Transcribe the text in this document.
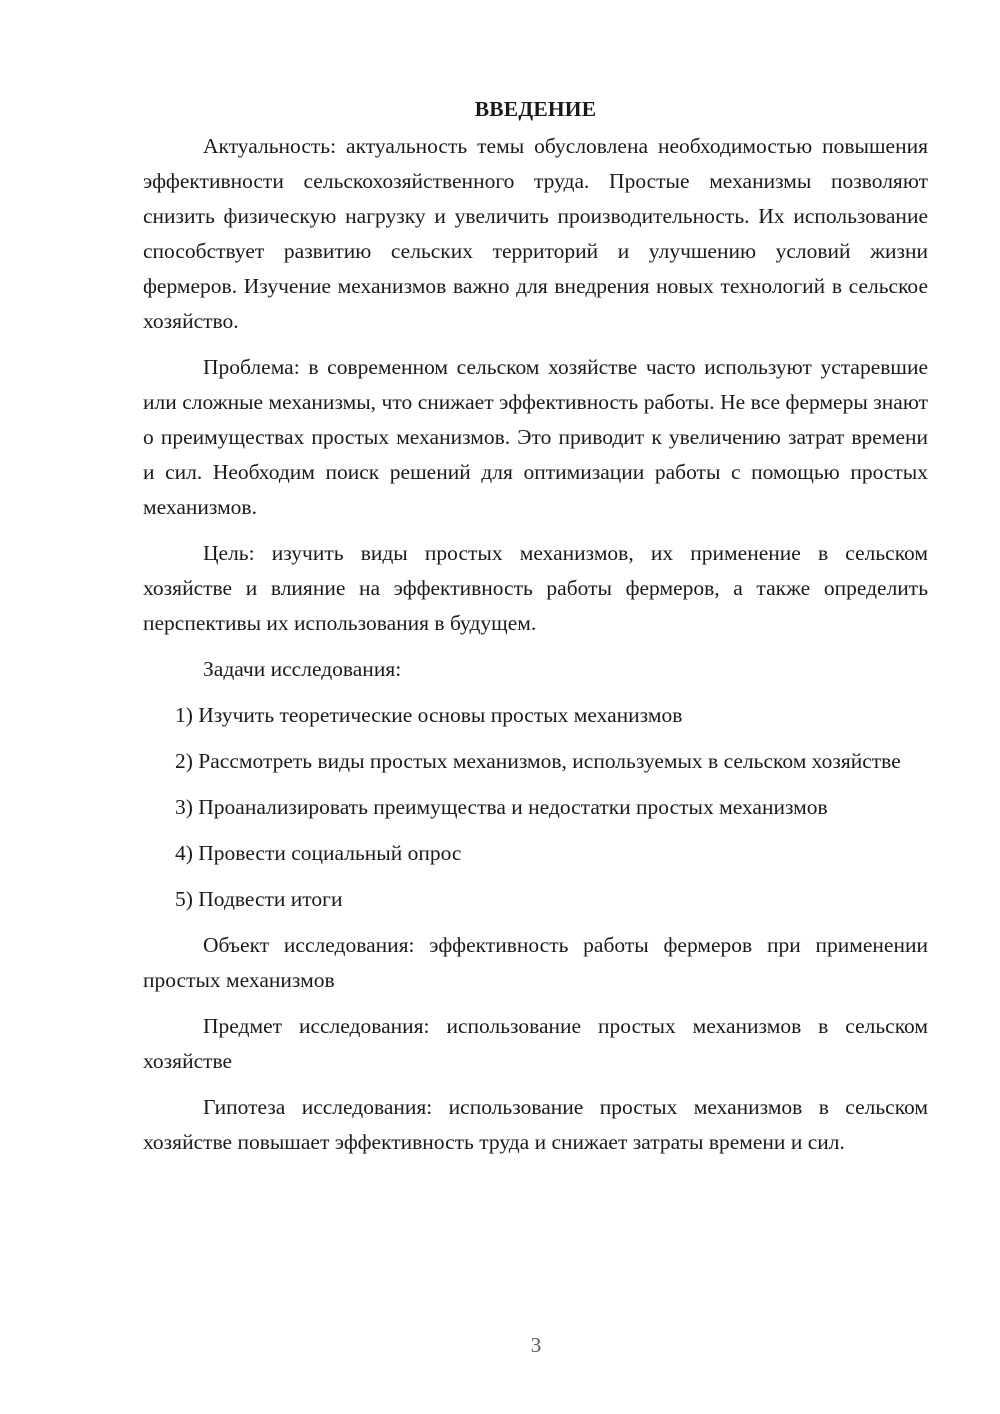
ВВЕДЕНИЕ

Актуальность: актуальность темы обусловлена необходимостью повышения эффективности сельскохозяйственного труда. Простые механизмы позволяют снизить физическую нагрузку и увеличить производительность. Их использование способствует развитию сельских территорий и улучшению условий жизни фермеров. Изучение механизмов важно для внедрения новых технологий в сельское хозяйство.

Проблема: в современном сельском хозяйстве часто используют устаревшие или сложные механизмы, что снижает эффективность работы. Не все фермеры знают о преимуществах простых механизмов. Это приводит к увеличению затрат времени и сил. Необходим поиск решений для оптимизации работы с помощью простых механизмов.

Цель: изучить виды простых механизмов, их применение в сельском хозяйстве и влияние на эффективность работы фермеров, а также определить перспективы их использования в будущем.

Задачи исследования:

1) Изучить теоретические основы простых механизмов

2) Рассмотреть виды простых механизмов, используемых в сельском хозяйстве

3) Проанализировать преимущества и недостатки простых механизмов

4) Провести социальный опрос

5) Подвести итоги

Объект исследования: эффективность работы фермеров при применении простых механизмов

Предмет исследования: использование простых механизмов в сельском хозяйстве

Гипотеза исследования: использование простых механизмов в сельском хозяйстве повышает эффективность труда и снижает затраты времени и сил.

3
